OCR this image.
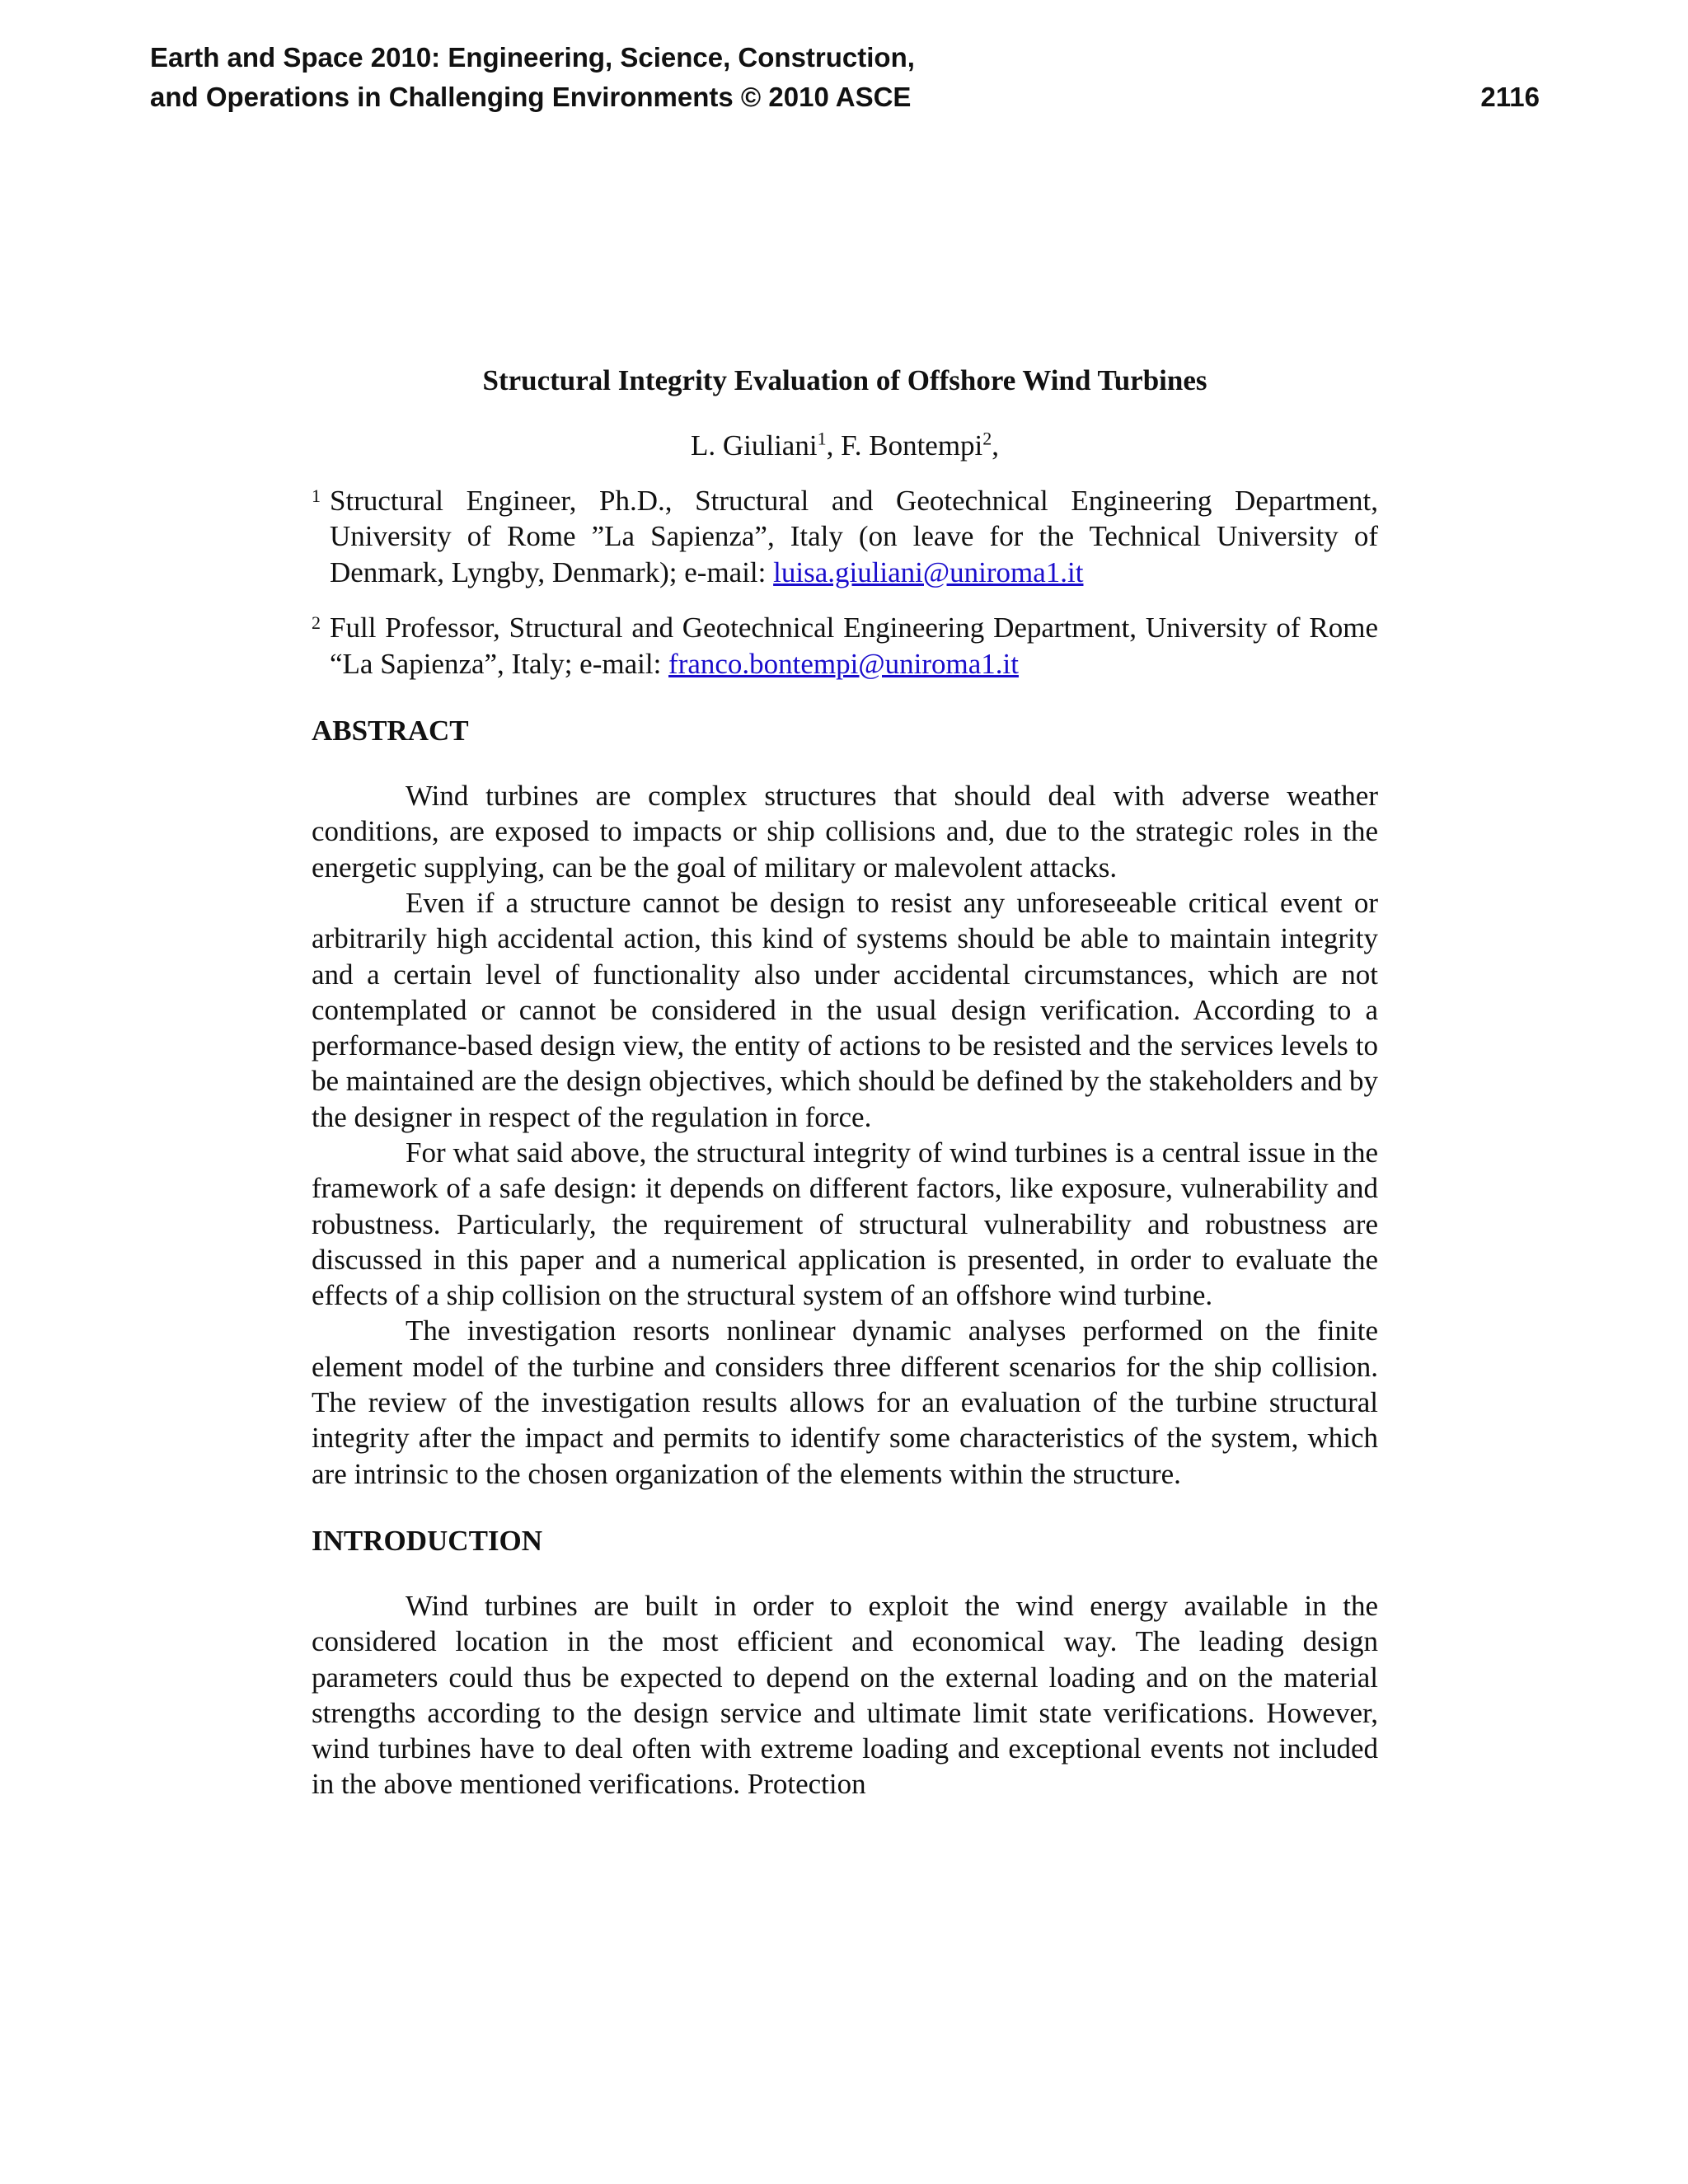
Earth and Space 2010: Engineering, Science, Construction,
and Operations in Challenging Environments © 2010 ASCE	2116
Structural Integrity Evaluation of Offshore Wind Turbines
L. Giuliani$^1$, F. Bontempi$^2$,
1 Structural Engineer, Ph.D., Structural and Geotechnical Engineering Department, University of Rome ”La Sapienza”, Italy (on leave for the Technical University of Denmark, Lyngby, Denmark); e-mail: luisa.giuliani@uniroma1.it
2 Full Professor, Structural and Geotechnical Engineering Department, University of Rome “La Sapienza”, Italy; e-mail: franco.bontempi@uniroma1.it
ABSTRACT

Wind turbines are complex structures that should deal with adverse weather conditions, are exposed to impacts or ship collisions and, due to the strategic roles in the energetic supplying, can be the goal of military or malevolent attacks.

Even if a structure cannot be design to resist any unforeseeable critical event or arbitrarily high accidental action, this kind of systems should be able to maintain integrity and a certain level of functionality also under accidental circumstances, which are not contemplated or cannot be considered in the usual design verification. According to a performance-based design view, the entity of actions to be resisted and the services levels to be maintained are the design objectives, which should be defined by the stakeholders and by the designer in respect of the regulation in force.

For what said above, the structural integrity of wind turbines is a central issue in the framework of a safe design: it depends on different factors, like exposure, vulnerability and robustness. Particularly, the requirement of structural vulnerability and robustness are discussed in this paper and a numerical application is presented, in order to evaluate the effects of a ship collision on the structural system of an offshore wind turbine.

The investigation resorts nonlinear dynamic analyses performed on the finite element model of the turbine and considers three different scenarios for the ship collision. The review of the investigation results allows for an evaluation of the turbine structural integrity after the impact and permits to identify some characteristics of the system, which are intrinsic to the chosen organization of the elements within the structure.

INTRODUCTION

Wind turbines are built in order to exploit the wind energy available in the considered location in the most efficient and economical way. The leading design parameters could thus be expected to depend on the external loading and on the material strengths according to the design service and ultimate limit state verifications. However, wind turbines have to deal often with extreme loading and exceptional events not included in the above mentioned verifications. Protection
